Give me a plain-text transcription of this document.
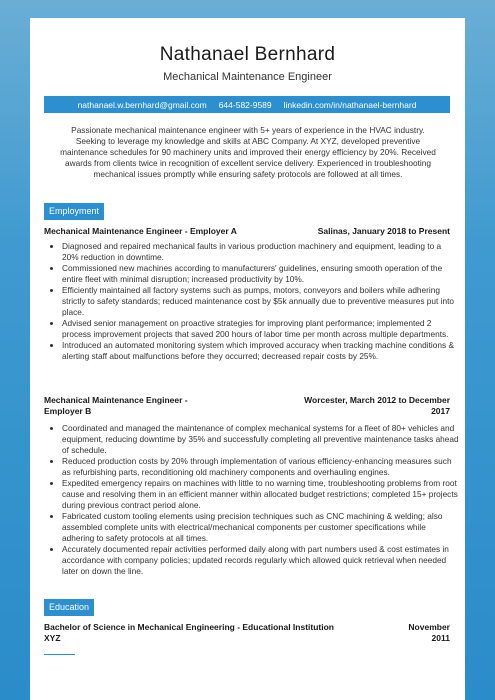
Nathanael Bernhard
Mechanical Maintenance Engineer
nathanael.w.bernhard@gmail.com 644-582-9589 linkedin.com/in/nathanael-bernhard
Passionate mechanical maintenance engineer with 5+ years of experience in the HVAC industry. Seeking to leverage my knowledge and skills at ABC Company. At XYZ, developed preventive maintenance schedules for 90 machinery units and improved their energy efficiency by 20%. Received awards from clients twice in recognition of excellent service delivery. Experienced in troubleshooting mechanical issues promptly while ensuring safety protocols are followed at all times.
Employment
Mechanical Maintenance Engineer - Employer A	Salinas, January 2018 to Present
• Diagnosed and repaired mechanical faults in various production machinery and equipment, leading to a 20% reduction in downtime.
• Commissioned new machines according to manufacturers' guidelines, ensuring smooth operation of the entire fleet with minimal disruption; increased productivity by 10%.
• Efficiently maintained all factory systems such as pumps, motors, conveyors and boilers while adhering strictly to safety standards; reduced maintenance cost by $5k annually due to preventive measures put into place.
• Advised senior management on proactive strategies for improving plant performance; implemented 2 process improvement projects that saved 200 hours of labor time per month across multiple departments.
• Introduced an automated monitoring system which improved accuracy when tracking machine conditions & alerting staff about malfunctions before they occurred; decreased repair costs by 25%.
Mechanical Maintenance Engineer -
Employer B
Worcester, March 2012 to December
2017
• Coordinated and managed the maintenance of complex mechanical systems for a fleet of 80+ vehicles and equipment, reducing downtime by 35% and successfully completing all preventive maintenance tasks ahead of schedule.
• Reduced production costs by 20% through implementation of various efficiency-enhancing measures such as refurbishing parts, reconditioning old machinery components and overhauling engines.
• Expedited emergency repairs on machines with little to no warning time, troubleshooting problems from root cause and resolving them in an efficient manner within allocated budget restrictions; completed 15+ projects during previous contract period alone.
• Fabricated custom tooling elements using precision techniques such as CNC machining & welding; also assembled complete units with electrical/mechanical components per customer specifications while adhering to safety protocols at all times.
• Accurately documented repair activities performed daily along with part numbers used & cost estimates in accordance with company policies; updated records regularly which allowed quick retrieval when needed later on down the line.
Education
Bachelor of Science in Mechanical Engineering - Educational Institution
XYZ
November
2011
